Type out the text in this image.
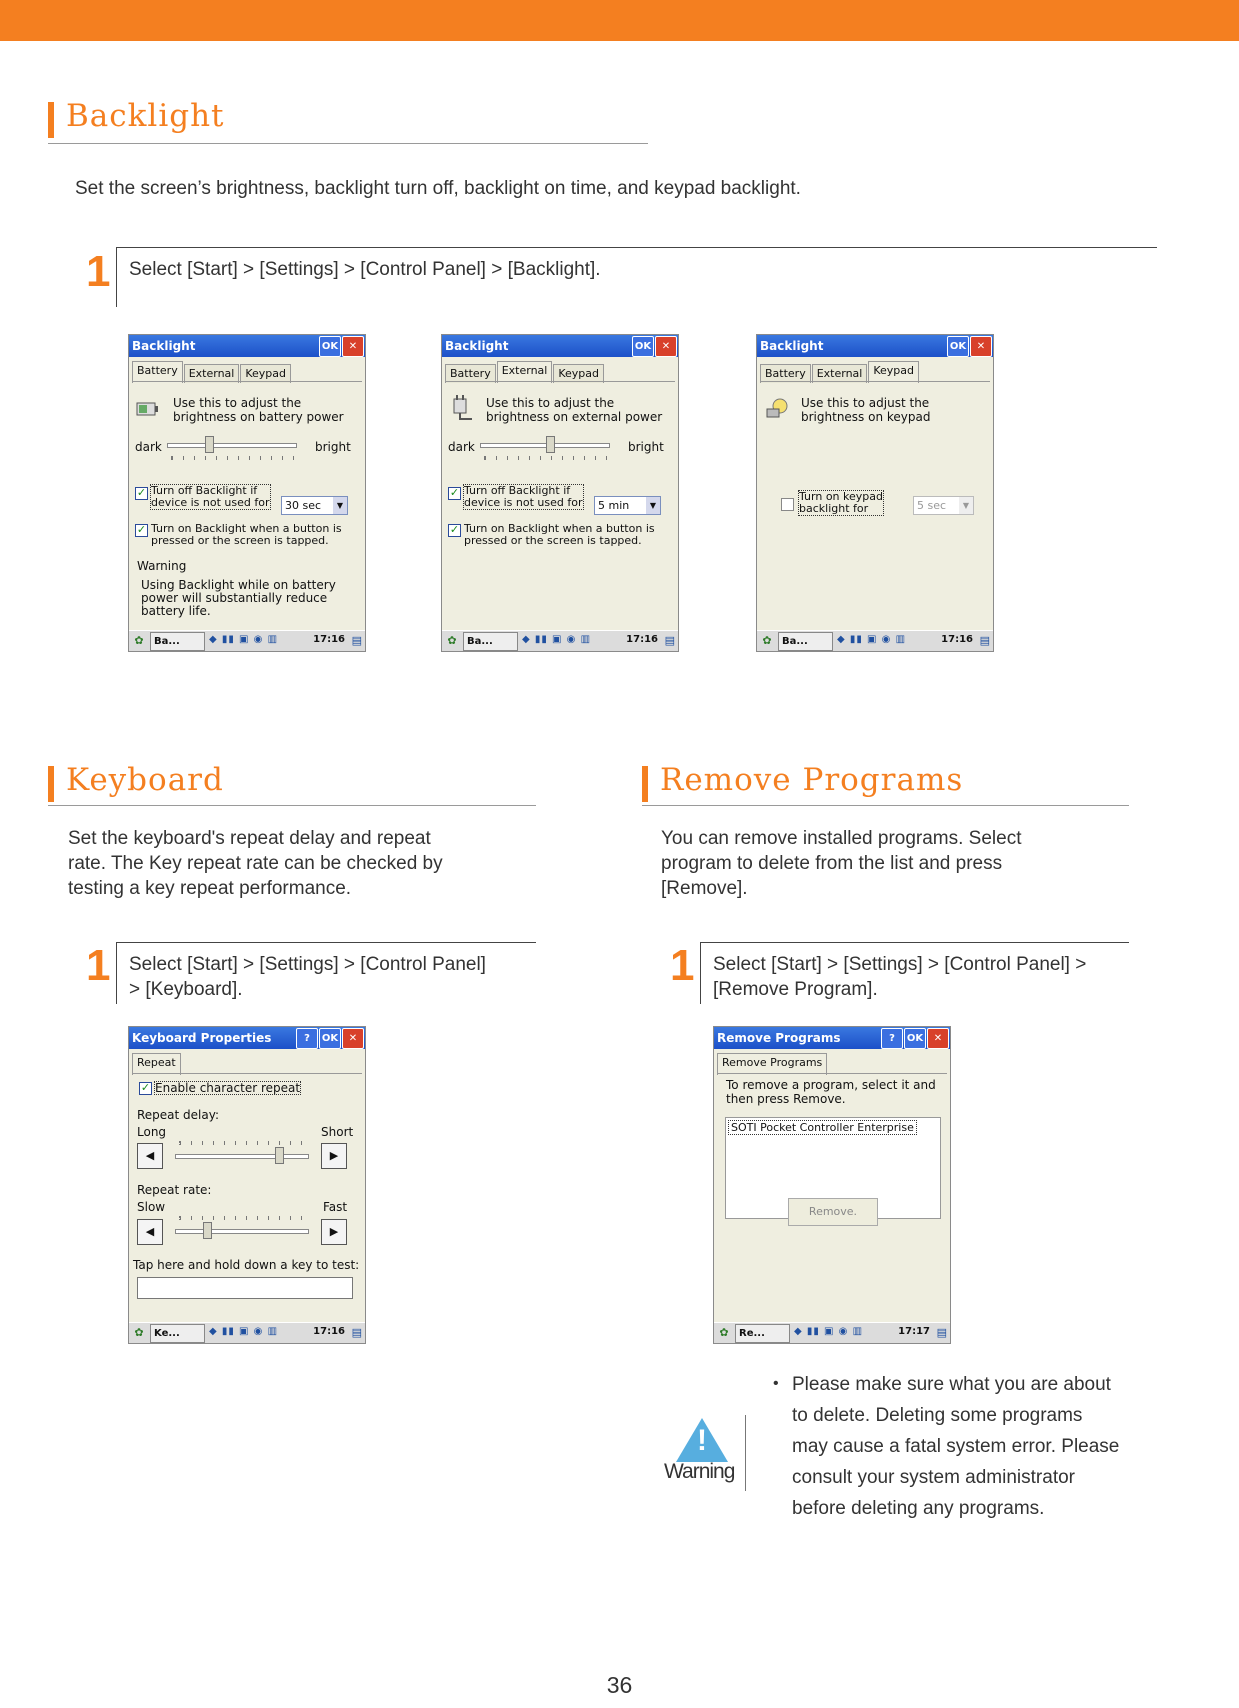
Backlight
Set the screen’s brightness, backlight turn off, backlight on time, and keypad backlight.
1 Select [Start] > [Settings] > [Control Panel] > [Backlight].
Backlight	OK	✕
Battery External Keypad
Use this to adjust the
brightness on battery power
dark	bright
✓ Turn off Backlight if
device is not used for	30 sec	▼
✓ Turn on Backlight when a button is
pressed or the screen is tapped.
Warning
Using Backlight while on battery
power will substantially reduce
battery life.
✿	Ba...	◆ ▮▮ ▣ ◉ ▥	17:16 ▤
Backlight	OK	✕
Battery External Keypad
Use this to adjust the
brightness on external power
dark	bright
✓ Turn off Backlight if
device is not used for	5 min	▼
✓ Turn on Backlight when a button is
pressed or the screen is tapped.
✿	Ba...	◆ ▮▮ ▣ ◉ ▥	17:16 ▤
Backlight	OK	✕
Battery External Keypad
Use this to adjust the
brightness on keypad
Turn on keypad
backlight for	5 sec	▼
✿	Ba...	◆ ▮▮ ▣ ◉ ▥	17:16 ▤
Keyboard
Set the keyboard's repeat delay and repeat
rate. The Key repeat rate can be checked by
testing a key repeat performance.
1 Select [Start] > [Settings] > [Control Panel]
> [Keyboard].
Keyboard Properties	?	OK	✕
Repeat
✓ Enable character repeat
Repeat delay:
Long	Short
◀	▶
Repeat rate:
Slow	Fast
◀	▶
Tap here and hold down a key to test:
✿	Ke...	◆ ▮▮ ▣ ◉ ▥	17:16 ▤
Remove Programs
You can remove installed programs. Select
program to delete from the list and press
[Remove].
1 Select [Start] > [Settings] > [Control Panel] >
[Remove Program].
Remove Programs	?	OK	✕
Remove Programs
To remove a program, select it and
then press Remove.
SOTI Pocket Controller Enterprise
Remove.
✿	Re...	◆ ▮▮ ▣ ◉ ▥	17:17 ▤
!
Warning
• Please make sure what you are about
to delete. Deleting some programs
may cause a fatal system error. Please
consult your system administrator
before deleting any programs.
36
